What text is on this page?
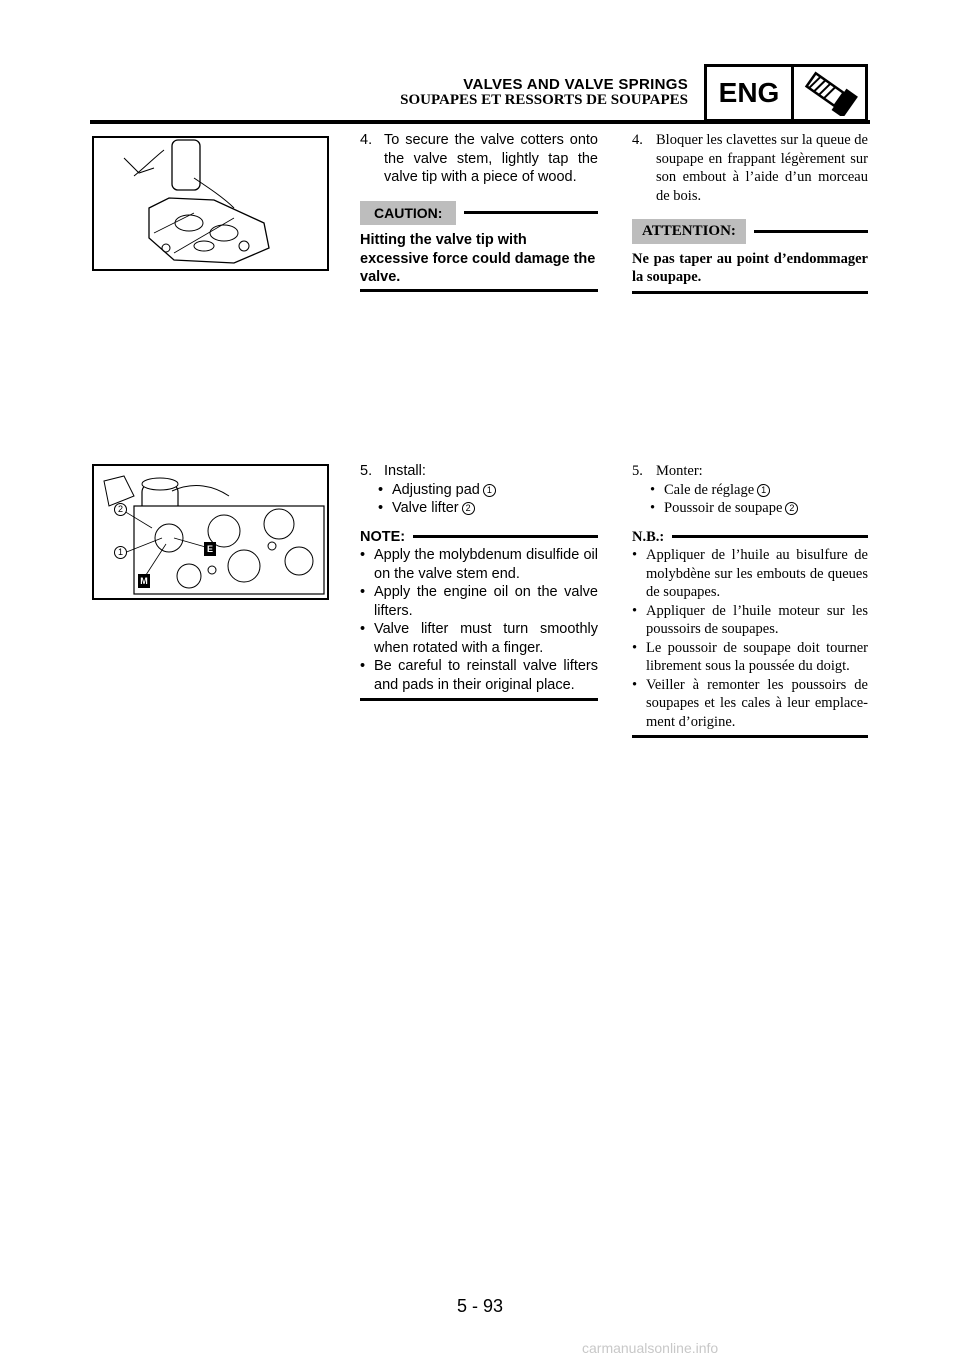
VALVES AND VALVE SPRINGS
SOUPAPES ET RESSORTS DE SOUPAPES	ENG
4. To secure the valve cotters onto the valve stem, lightly tap the valve tip with a piece of wood.
CAUTION:
Hitting the valve tip with excessive force could damage the valve.
4. Bloquer les clavettes sur la queue de soupape en frappant légèrement sur son embout à l’aide d’un morceau de bois.
ATTENTION:
Ne pas taper au point d’endommager la soupape.
2
1	E
M
5. Install:
• Adjusting pad 1
• Valve lifter 2
NOTE:
• Apply the molybdenum disulfide oil on the valve stem end.
• Apply the engine oil on the valve lifters.
• Valve lifter must turn smoothly when rotated with a finger.
• Be careful to reinstall valve lifters and pads in their original place.
5. Monter:
• Cale de réglage 1
• Poussoir de soupape 2
N.B.:
• Appliquer de l’huile au bisulfure de molybdène sur les embouts de queues de soupapes.
• Appliquer de l’huile moteur sur les poussoirs de soupapes.
• Le poussoir de soupape doit tourner librement sous la poussée du doigt.
• Veiller à remonter les poussoirs de soupapes et les cales à leur emplace-ment d’origine.
5 - 93
carmanualsonline.info
